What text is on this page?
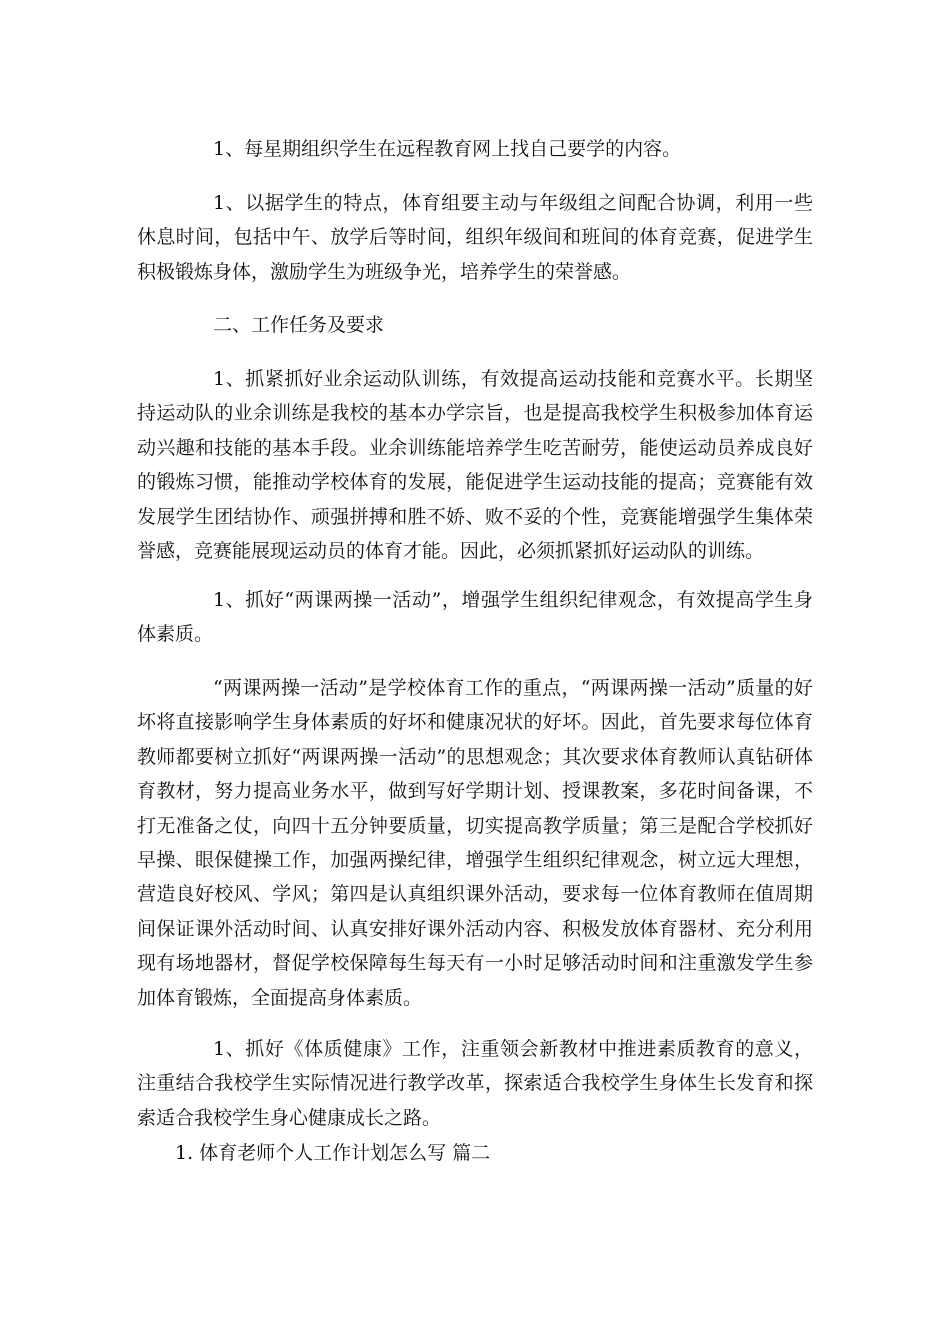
1、每星期组织学生在远程教育网上找自己要学的内容。

1、以据学生的特点，体育组要主动与年级组之间配合协调，利用一些休息时间，包括中午、放学后等时间，组织年级间和班间的体育竞赛，促进学生积极锻炼身体，激励学生为班级争光，培养学生的荣誉感。

二、工作任务及要求

1、抓紧抓好业余运动队训练，有效提高运动技能和竞赛水平。长期坚持运动队的业余训练是我校的基本办学宗旨，也是提高我校学生积极参加体育运动兴趣和技能的基本手段。业余训练能培养学生吃苦耐劳，能使运动员养成良好的锻炼习惯，能推动学校体育的发展，能促进学生运动技能的提高；竞赛能有效发展学生团结协作、顽强拼搏和胜不娇、败不妥的个性，竞赛能增强学生集体荣誉感，竞赛能展现运动员的体育才能。因此，必须抓紧抓好运动队的训练。

1、抓好“两课两操一活动”，增强学生组织纪律观念，有效提高学生身体素质。

“两课两操一活动”是学校体育工作的重点，“两课两操一活动”质量的好坏将直接影响学生身体素质的好坏和健康况状的好坏。因此，首先要求每位体育教师都要树立抓好“两课两操一活动”的思想观念；其次要求体育教师认真钻研体育教材，努力提高业务水平，做到写好学期计划、授课教案，多花时间备课，不打无准备之仗，向四十五分钟要质量，切实提高教学质量；第三是配合学校抓好早操、眼保健操工作，加强两操纪律，增强学生组织纪律观念，树立远大理想，营造良好校风、学风；第四是认真组织课外活动，要求每一位体育教师在值周期间保证课外活动时间、认真安排好课外活动内容、积极发放体育器材、充分利用现有场地器材，督促学校保障每生每天有一小时足够活动时间和注重激发学生参加体育锻炼，全面提高身体素质。

1、抓好《体质健康》工作，注重领会新教材中推进素质教育的意义，注重结合我校学生实际情况进行教学改革，探索适合我校学生身体生长发育和探索适合我校学生身心健康成长之路。

1. 体育老师个人工作计划怎么写 篇二
